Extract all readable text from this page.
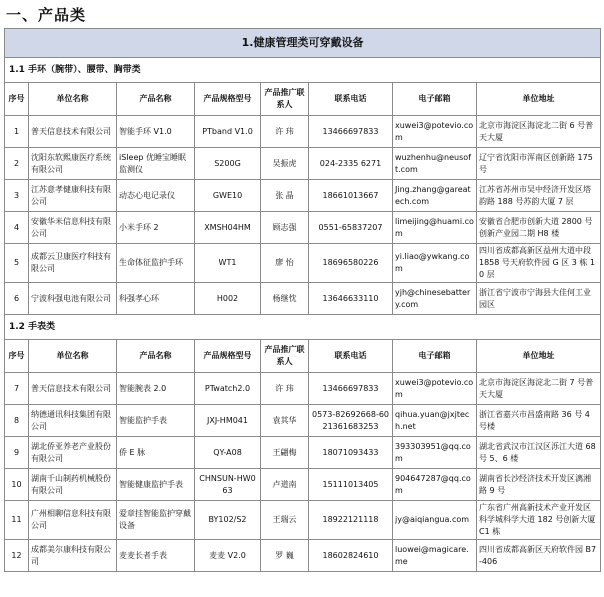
一、产品类
1.健康管理类可穿戴设备							
1.1 手环（腕带）、腰带、胸带类							
序号	单位名称	产品名称	产品规格型号	产品推广联系人	联系电话	电子邮箱	单位地址
1	普天信息技术有限公司	智能手环 V1.0	PTband V1.0	许 玮	13466697833	xuwei3@potevio.com	北京市海淀区海淀北二街 6 号普天大厦
2	沈阳东软熙康医疗系统有限公司	iSleep 优睡宝睡眠监测仪	S200G	吴振虎	024-2335 6271	wuzhenhu@neusoft.com	辽宁省沈阳市浑南区创新路 175 号
3	江苏意孝健康科技有限公司	动态心电记录仪	GWE10	张 晶	18661013667	Jing.zhang@gareatech.com	江苏省苏州市吴中经济开发区塔韵路 188 号苏韵大厦 7 层
4	安徽华米信息科技有限公司	小米手环 2	XMSH04HM	顾志强	0551-65837207	limeijing@huami.com	安徽省合肥市创新大道 2800 号创新产业园二期 H8 楼
5	成都云卫康医疗科技有限公司	生命体征监护手环	WT1	廖 怡	18696580226	yi.liao@ywkang.com	四川省成都高新区益州大道中段 1858 号天府软件园 G 区 3 栋 10 层
6	宁波科强电池有限公司	科强孝心环	H002	杨继忱	13646633110	yjh@chinesebattery.com	浙江省宁波市宁海县大佳何工业园区
1.2 手表类							
序号	单位名称	产品名称	产品规格型号	产品推广联系人	联系电话	电子邮箱	单位地址
7	普天信息技术有限公司	智能腕表 2.0	PTwatch2.0	许 玮	13466697833	xuwei3@potevio.com	北京市海淀区海淀北二街 7 号普天大厦
8	纳德通讯科技集团有限公司	智能监护手表	JXJ-HM041	袁其华	0573-82692668-6021361683253	qihua.yuan@jxjtech.net	浙江省嘉兴市昌盛南路 36 号 4 号楼
9	湖北侨亚养老产业股份有限公司	侨 E 脉	QY-A08	王翩梅	18071093433	393303951@qq.com	湖北省武汉市江汉区泺江大道 68 号 5、6 楼
10	湖南千山制药机械股份有限公司	智能健康监护手表	CHNSUN-HW063	卢道南	15111013405	904647287@qq.com	湖南省长沙经济技术开发区漓湘路 9 号
11	广州相聊信息科技有限公司	爱章挂智能监护穿戴设备	BY102/S2	王瑞云	18922121118	jy@aiqiangua.com	广东省广州高新技术产业开发区科学城科学大道 182 号创新大厦 C1 栋
12	成都美尔康科技有限公司	麦麦长者手表	麦麦 V2.0	罗 巍	18602824610	luowei@magicare.me	四川省成都高新区天府软件园 B7-406
